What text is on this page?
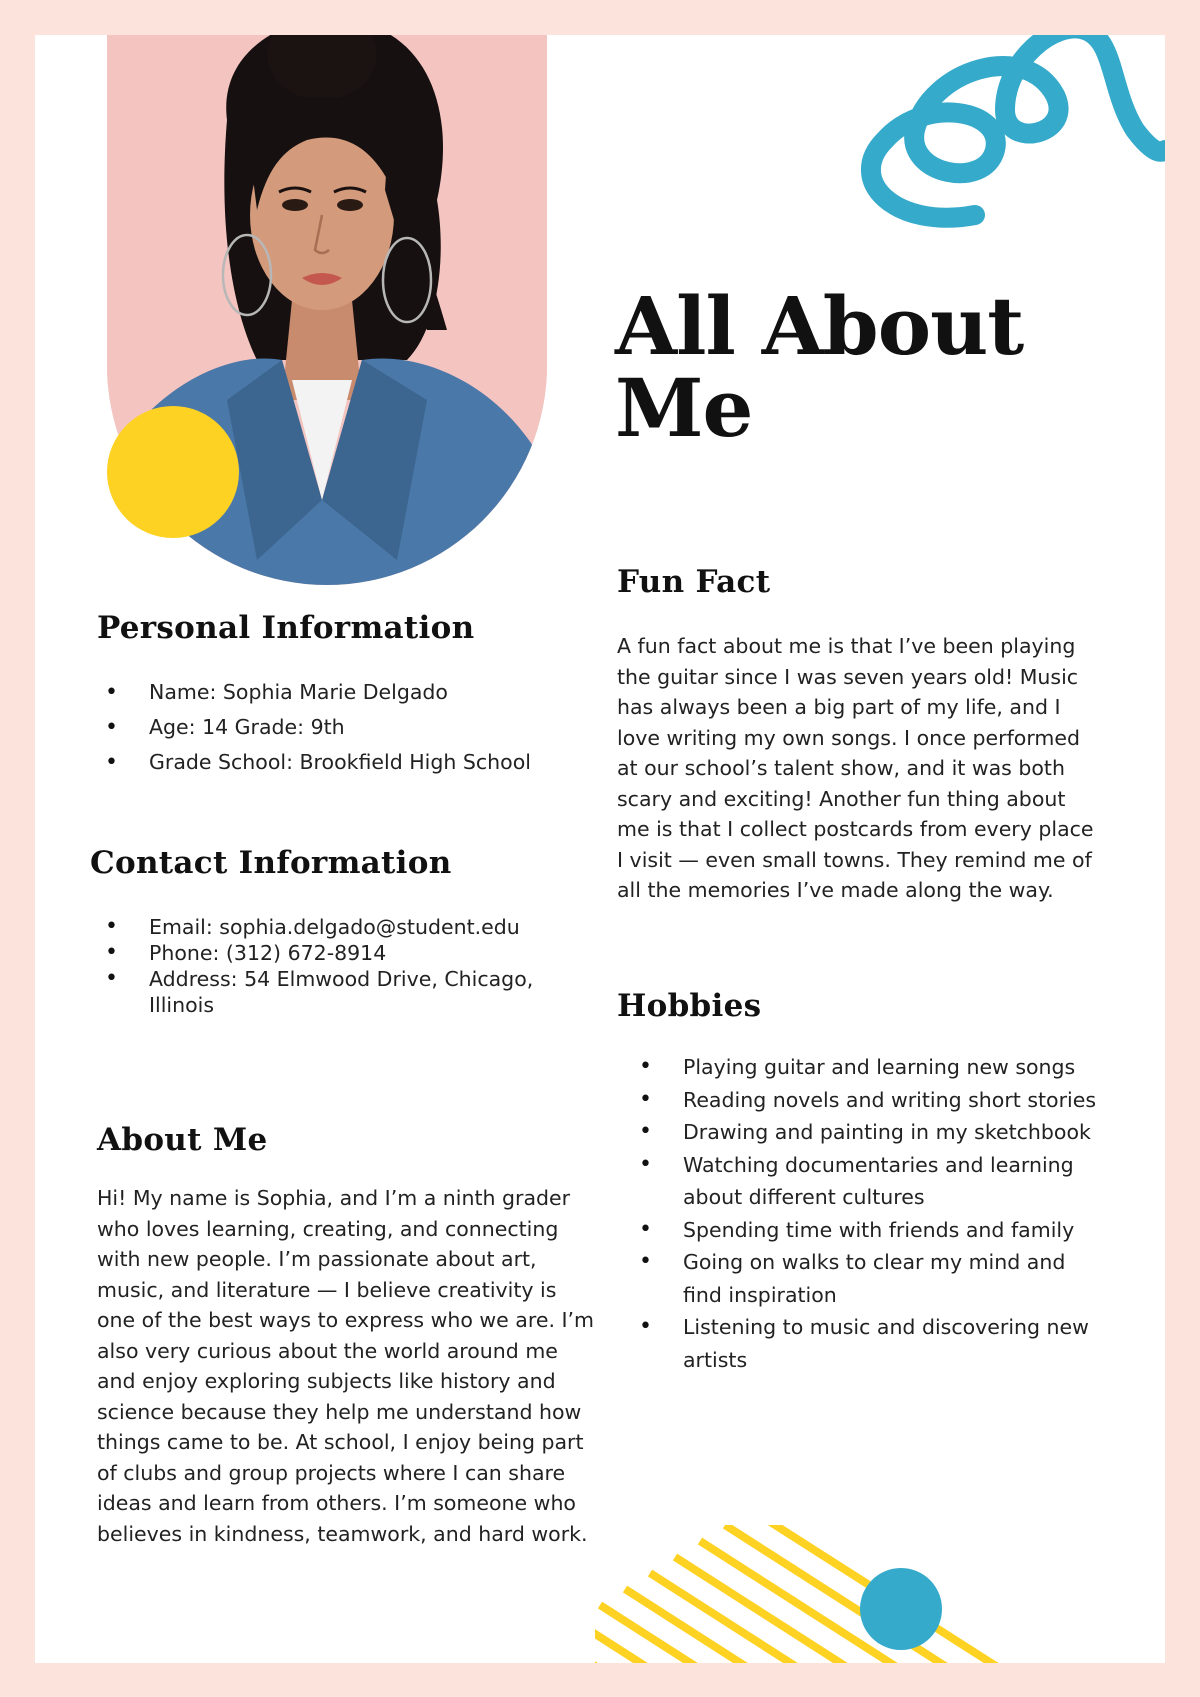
All About Me
Personal Information
• Name: Sophia Marie Delgado
• Age: 14 Grade: 9th
• Grade School: Brookfield High School
Contact Information
• Email: sophia.delgado@student.edu
• Phone: (312) 672-8914
• Address: 54 Elmwood Drive, Chicago, Illinois
About Me

Hi! My name is Sophia, and I’m a ninth grader who loves learning, creating, and connecting with new people. I’m passionate about art, music, and literature — I believe creativity is one of the best ways to express who we are. I’m also very curious about the world around me and enjoy exploring subjects like history and science because they help me understand how things came to be. At school, I enjoy being part of clubs and group projects where I can share ideas and learn from others. I’m someone who believes in kindness, teamwork, and hard work.

Fun Fact

A fun fact about me is that I’ve been playing the guitar since I was seven years old! Music has always been a big part of my life, and I love writing my own songs. I once performed at our school’s talent show, and it was both scary and exciting! Another fun thing about me is that I collect postcards from every place I visit — even small towns. They remind me of all the memories I’ve made along the way.

Hobbies
• Playing guitar and learning new songs
• Reading novels and writing short stories
• Drawing and painting in my sketchbook
• Watching documentaries and learning about different cultures
• Spending time with friends and family
• Going on walks to clear my mind and find inspiration
• Listening to music and discovering new artists
